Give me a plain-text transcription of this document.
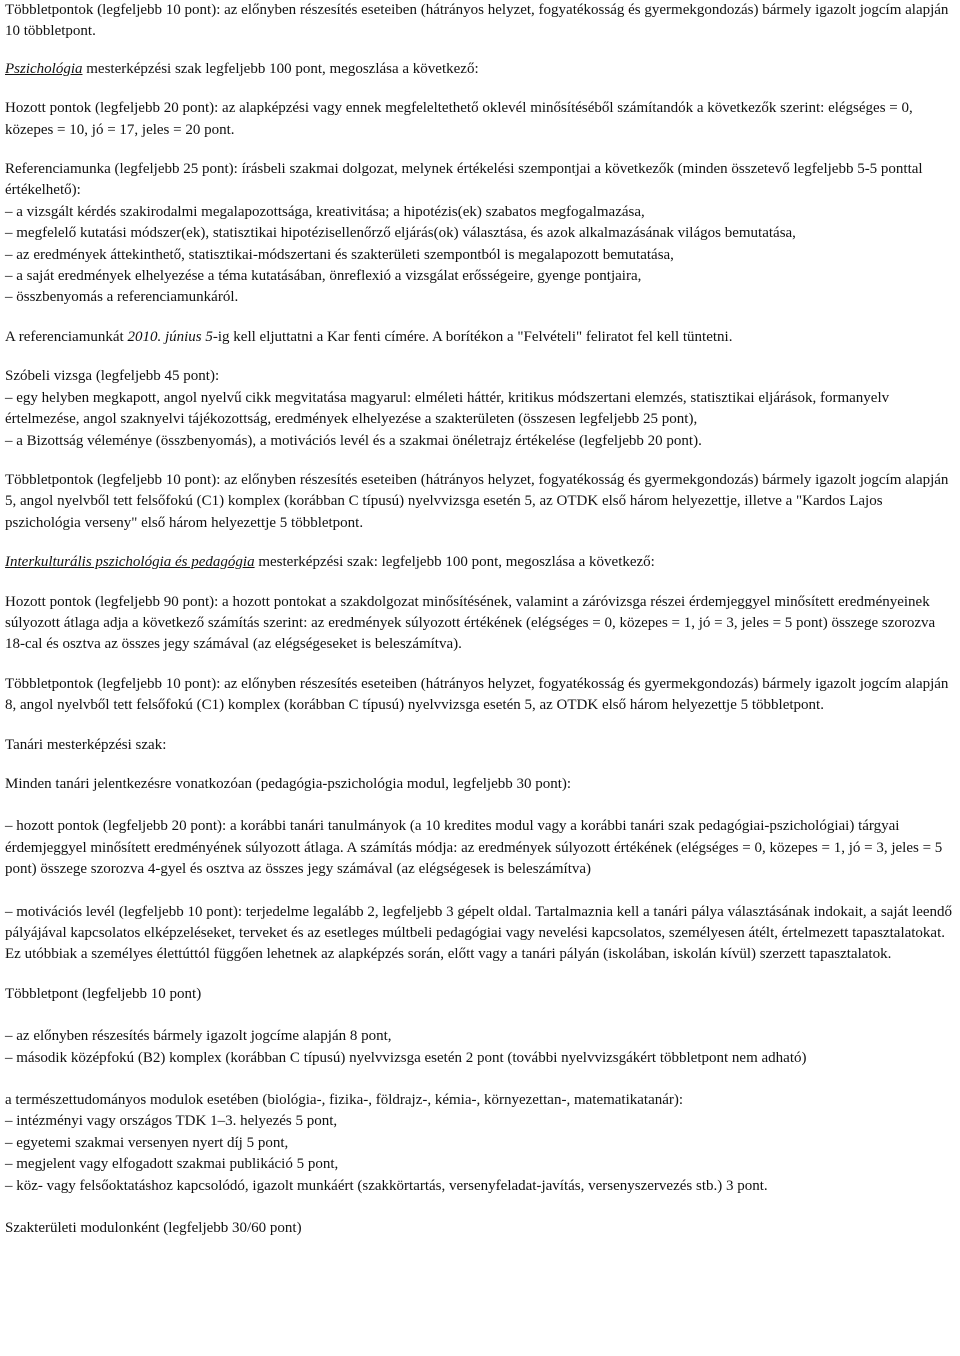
Többletpontok (legfeljebb 10 pont): az előnyben részesítés eseteiben (hátrányos helyzet, fogyatékosság és gyermekgondozás) bármely igazolt jogcím alapján 10 többletpont.

Pszichológia mesterképzési szak legfeljebb 100 pont, megoszlása a következő:

Hozott pontok (legfeljebb 20 pont): az alapképzési vagy ennek megfeleltethető oklevél minősítéséből számítandók a következők szerint: elégséges = 0, közepes = 10, jó = 17, jeles = 20 pont.

Referenciamunka (legfeljebb 25 pont): írásbeli szakmai dolgozat, melynek értékelési szempontjai a következők (minden összetevő legfeljebb 5-5 ponttal értékelhető):

– a vizsgált kérdés szakirodalmi megalapozottsága, kreativitása; a hipotézis(ek) szabatos megfogalmazása,

– megfelelő kutatási módszer(ek), statisztikai hipotézisellenőrző eljárás(ok) választása, és azok alkalmazásának világos bemutatása,

– az eredmények áttekinthető, statisztikai-módszertani és szakterületi szempontból is megalapozott bemutatása,

– a saját eredmények elhelyezése a téma kutatásában, önreflexió a vizsgálat erősségeire, gyenge pontjaira,

– összbenyomás a referenciamunkáról.

A referenciamunkát 2010. június 5-ig kell eljuttatni a Kar fenti címére. A borítékon a "Felvételi" feliratot fel kell tüntetni.

Szóbeli vizsga (legfeljebb 45 pont):

– egy helyben megkapott, angol nyelvű cikk megvitatása magyarul: elméleti háttér, kritikus módszertani elemzés, statisztikai eljárások, formanyelv értelmezése, angol szaknyelvi tájékozottság, eredmények elhelyezése a szakterületen (összesen legfeljebb 25 pont),

– a Bizottság véleménye (összbenyomás), a motivációs levél és a szakmai önéletrajz értékelése (legfeljebb 20 pont).

Többletpontok (legfeljebb 10 pont): az előnyben részesítés eseteiben (hátrányos helyzet, fogyatékosság és gyermekgondozás) bármely igazolt jogcím alapján 5, angol nyelvből tett felsőfokú (C1) komplex (korábban C típusú) nyelvvizsga esetén 5, az OTDK első három helyezettje, illetve a "Kardos Lajos pszichológia verseny" első három helyezettje 5 többletpont.

Interkulturális pszichológia és pedagógia mesterképzési szak: legfeljebb 100 pont, megoszlása a következő:

Hozott pontok (legfeljebb 90 pont): a hozott pontokat a szakdolgozat minősítésének, valamint a záróvizsga részei érdemjeggyel minősített eredményeinek súlyozott átlaga adja a következő számítás szerint: az eredmények súlyozott értékének (elégséges = 0, közepes = 1, jó = 3, jeles = 5 pont) összege szorozva 18-cal és osztva az összes jegy számával (az elégségeseket is beleszámítva).

Többletpontok (legfeljebb 10 pont): az előnyben részesítés eseteiben (hátrányos helyzet, fogyatékosság és gyermekgondozás) bármely igazolt jogcím alapján 8, angol nyelvből tett felsőfokú (C1) komplex (korábban C típusú) nyelvvizsga esetén 5, az OTDK első három helyezettje 5 többletpont.

Tanári mesterképzési szak:

Minden tanári jelentkezésre vonatkozóan (pedagógia-pszichológia modul, legfeljebb 30 pont):

– hozott pontok (legfeljebb 20 pont): a korábbi tanári tanulmányok (a 10 kredites modul vagy a korábbi tanári szak pedagógiai-pszichológiai) tárgyai érdemjeggyel minősített eredményének súlyozott átlaga. A számítás módja: az eredmények súlyozott értékének (elégséges = 0, közepes = 1, jó = 3, jeles = 5 pont) összege szorozva 4-gyel és osztva az összes jegy számával (az elégségesek is beleszámítva)

– motivációs levél (legfeljebb 10 pont): terjedelme legalább 2, legfeljebb 3 gépelt oldal. Tartalmaznia kell a tanári pálya választásának indokait, a saját leendő pályájával kapcsolatos elképzeléseket, terveket és az esetleges múltbeli pedagógiai vagy nevelési kapcsolatos, személyesen átélt, értelmezett tapasztalatokat. Ez utóbbiak a személyes élettúttól függően lehetnek az alapképzés során, előtt vagy a tanári pályán (iskolában, iskolán kívül) szerzett tapasztalatok.

Többletpont (legfeljebb 10 pont)

– az előnyben részesítés bármely igazolt jogcíme alapján 8 pont,

– második középfokú (B2) komplex (korábban C típusú) nyelvvizsga esetén 2 pont (további nyelvvizsgákért többletpont nem adható)

a természettudományos modulok esetében (biológia-, fizika-, földrajz-, kémia-, környezettan-, matematikatanár):

– intézményi vagy országos TDK 1–3. helyezés 5 pont,

– egyetemi szakmai versenyen nyert díj 5 pont,

– megjelent vagy elfogadott szakmai publikáció 5 pont,

– köz- vagy felsőoktatáshoz kapcsolódó, igazolt munkáért (szakkörtartás, versenyfeladat-javítás, versenyszervezés stb.) 3 pont.

Szakterületi modulonként (legfeljebb 30/60 pont)
